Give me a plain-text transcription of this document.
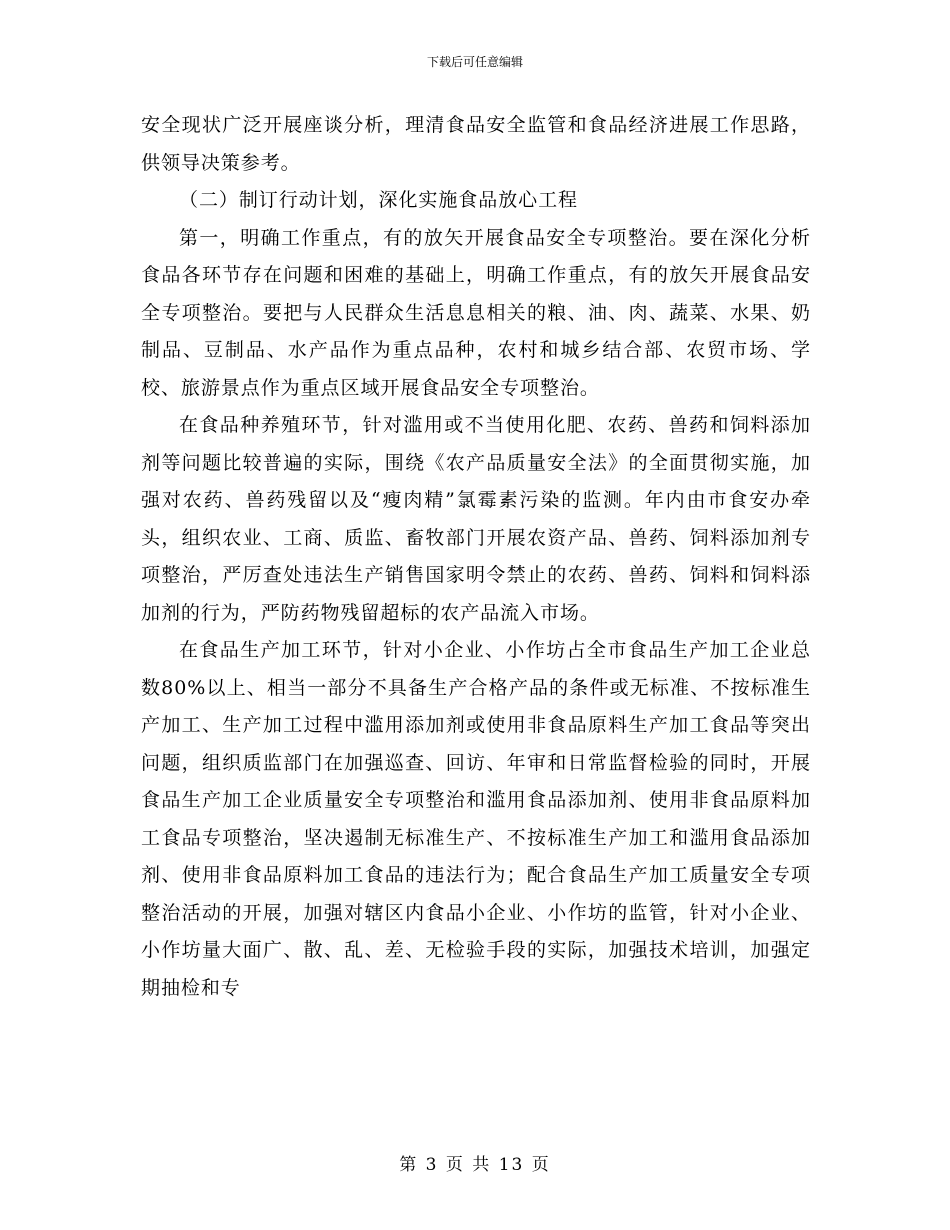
下载后可任意编辑

安全现状广泛开展座谈分析，理清食品安全监管和食品经济进展工作思路，供领导决策参考。

（二）制订行动计划，深化实施食品放心工程

第一，明确工作重点，有的放矢开展食品安全专项整治。要在深化分析食品各环节存在问题和困难的基础上，明确工作重点，有的放矢开展食品安全专项整治。要把与人民群众生活息息相关的粮、油、肉、蔬菜、水果、奶制品、豆制品、水产品作为重点品种，农村和城乡结合部、农贸市场、学校、旅游景点作为重点区域开展食品安全专项整治。

在食品种养殖环节，针对滥用或不当使用化肥、农药、兽药和饲料添加剂等问题比较普遍的实际，围绕《农产品质量安全法》的全面贯彻实施，加强对农药、兽药残留以及“瘦肉精”氯霉素污染的监测。年内由市食安办牵头，组织农业、工商、质监、畜牧部门开展农资产品、兽药、饲料添加剂专项整治，严厉查处违法生产销售国家明令禁止的农药、兽药、饲料和饲料添加剂的行为，严防药物残留超标的农产品流入市场。

在食品生产加工环节，针对小企业、小作坊占全市食品生产加工企业总数80%以上、相当一部分不具备生产合格产品的条件或无标准、不按标准生产加工、生产加工过程中滥用添加剂或使用非食品原料生产加工食品等突出问题，组织质监部门在加强巡查、回访、年审和日常监督检验的同时，开展食品生产加工企业质量安全专项整治和滥用食品添加剂、使用非食品原料加工食品专项整治，坚决遏制无标准生产、不按标准生产加工和滥用食品添加剂、使用非食品原料加工食品的违法行为；配合食品生产加工质量安全专项整治活动的开展，加强对辖区内食品小企业、小作坊的监管，针对小企业、小作坊量大面广、散、乱、差、无检验手段的实际，加强技术培训，加强定期抽检和专

第 3 页 共 13 页
